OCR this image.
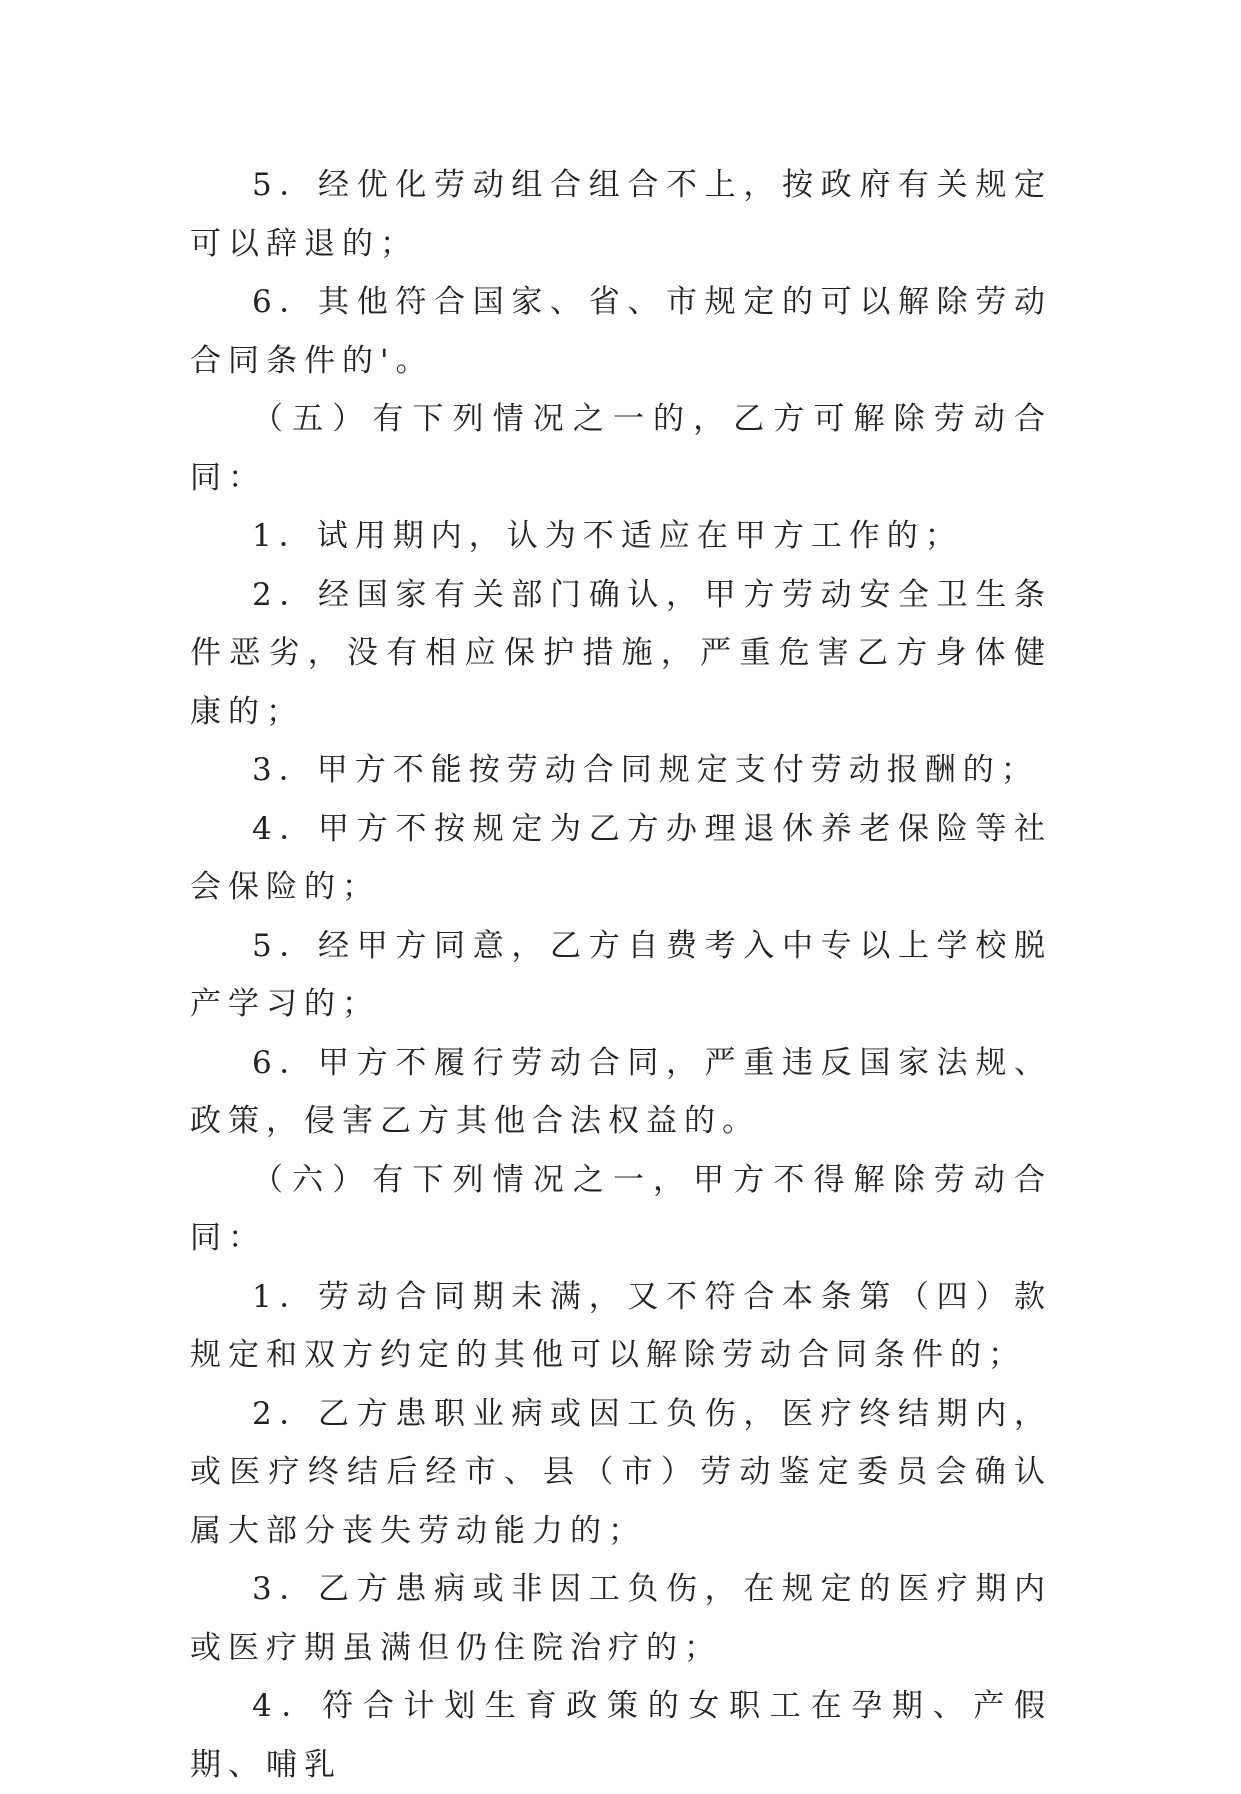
5．经优化劳动组合组合不上，按政府有关规定可以辞退的；

6．其他符合国家、省、市规定的可以解除劳动合同条件的'。

（五）有下列情况之一的，乙方可解除劳动合同：

1．试用期内，认为不适应在甲方工作的；

2．经国家有关部门确认，甲方劳动安全卫生条件恶劣，没有相应保护措施，严重危害乙方身体健康的；

3．甲方不能按劳动合同规定支付劳动报酬的；

4．甲方不按规定为乙方办理退休养老保险等社会保险的；

5．经甲方同意，乙方自费考入中专以上学校脱产学习的；

6．甲方不履行劳动合同，严重违反国家法规、政策，侵害乙方其他合法权益的。

（六）有下列情况之一，甲方不得解除劳动合同：

1．劳动合同期未满，又不符合本条第（四）款规定和双方约定的其他可以解除劳动合同条件的；

2．乙方患职业病或因工负伤，医疗终结期内，或医疗终结后经市、县（市）劳动鉴定委员会确认属大部分丧失劳动能力的；

3．乙方患病或非因工负伤，在规定的医疗期内或医疗期虽满但仍住院治疗的；

4．符合计划生育政策的女职工在孕期、产假期、哺乳
